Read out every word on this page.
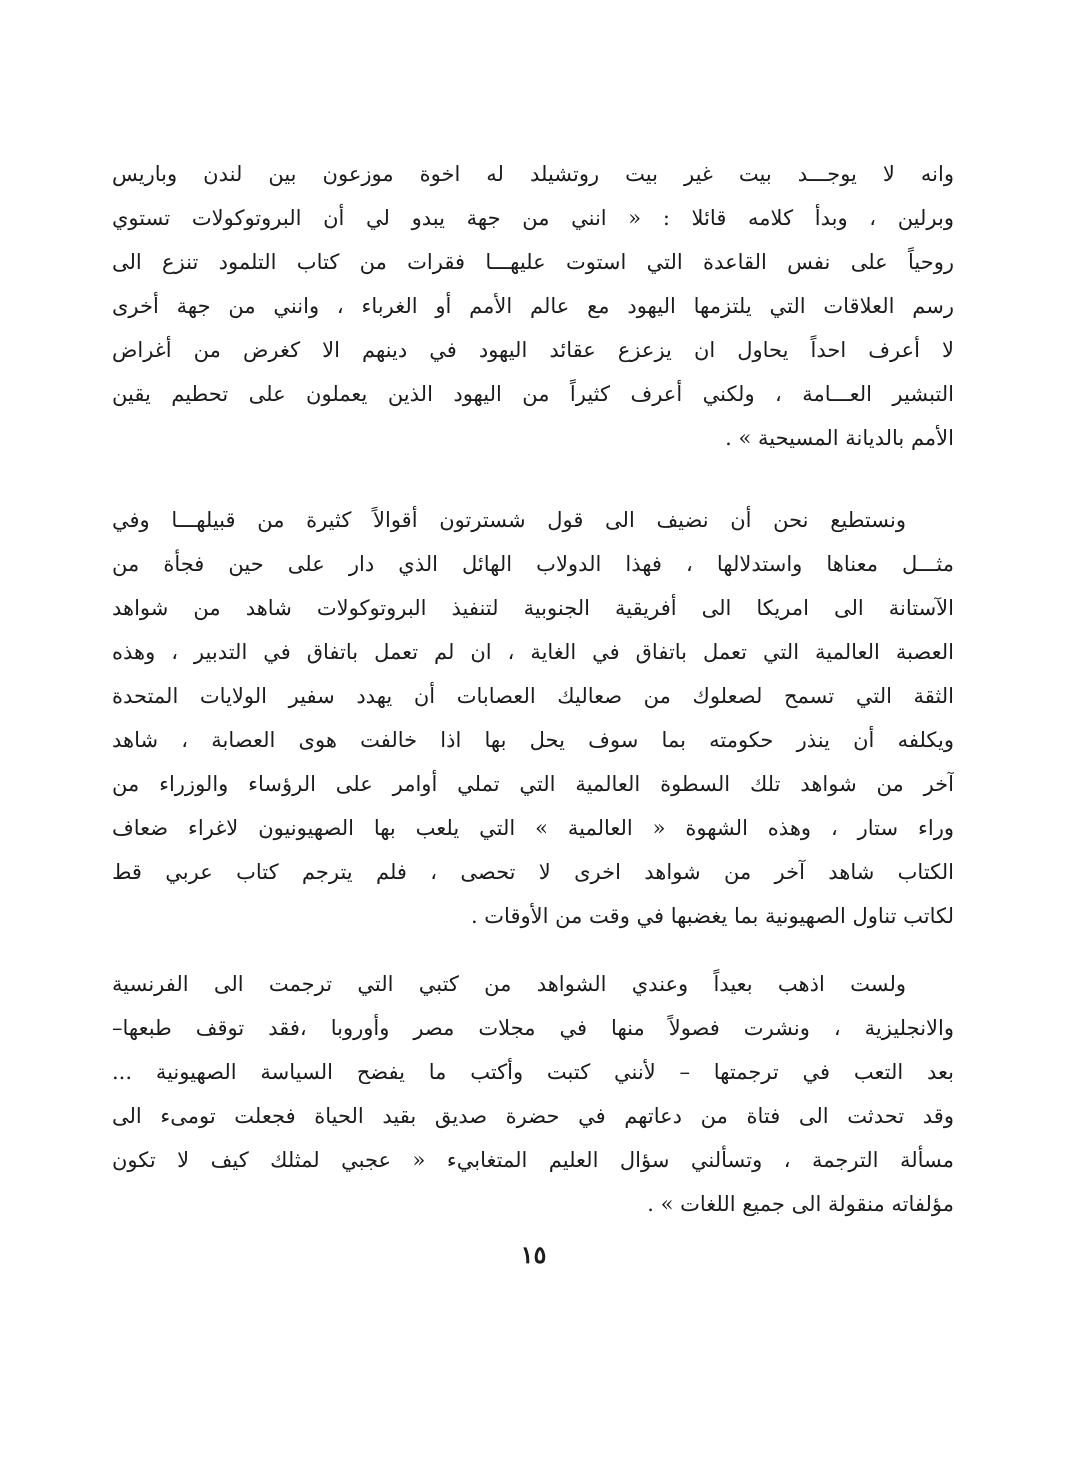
وانه لا يوجـــد بيت غير بيت روتشيلد له اخوة موزعون بين لندن وباريس
وبرلين ، وبدأ كلامه قائلا : « انني من جهة يبدو لي أن البروتوكولات تستوي
روحياً على نفس القاعدة التي استوت عليهـــا فقرات من كتاب التلمود تنزع الى
رسم العلاقات التي يلتزمها اليهود مع عالم الأمم أو الغرباء ، وانني من جهة أخرى
لا أعرف احداً يحاول ان يزعزع عقائد اليهود في دينهم الا كغرض من أغراض
التبشير العـــامة ، ولكني أعرف كثيراً من اليهود الذين يعملون على تحطيم يقين
الأمم بالديانة المسيحية » .
ونستطيع نحن أن نضيف الى قول شسترتون أقوالاً كثيرة من قبيلهـــا وفي
مثـــل معناها واستدلالها ، فهذا الدولاب الهائل الذي دار على حين فجأة من
الآستانة الى امريكا الى أفريقية الجنوبية لتنفيذ البروتوكولات شاهد من شواهد
العصبة العالمية التي تعمل باتفاق في الغاية ، ان لم تعمل باتفاق في التدبير ، وهذه
الثقة التي تسمح لصعلوك من صعاليك العصابات أن يهدد سفير الولايات المتحدة
ويكلفه أن ينذر حكومته بما سوف يحل بها اذا خالفت هوى العصابة ، شاهد
آخر من شواهد تلك السطوة العالمية التي تملي أوامر على الرؤساء والوزراء من
وراء ستار ، وهذه الشهوة « العالمية » التي يلعب بها الصهيونيون لاغراء ضعاف
الكتاب شاهد آخر من شواهد اخرى لا تحصى ، فلم يترجم كتاب عربي قط
لكاتب تناول الصهيونية بما يغضبها في وقت من الأوقات .
ولست اذهب بعيداً وعندي الشواهد من كتبي التي ترجمت الى الفرنسية
والانجليزية ، ونشرت فصولاً منها في مجلات مصر وأوروبا ،فقد توقف طبعها–
بعد التعب في ترجمتها – لأنني كتبت وأكتب ما يفضح السياسة الصهيونية ...
وقد تحدثت الى فتاة من دعاتهم في حضرة صديق بقيد الحياة فجعلت تومىء الى
مسألة الترجمة ، وتسألني سؤال العليم المتغابيء « عجبي لمثلك كيف لا تكون
مؤلفاته منقولة الى جميع اللغات » .
١٥
